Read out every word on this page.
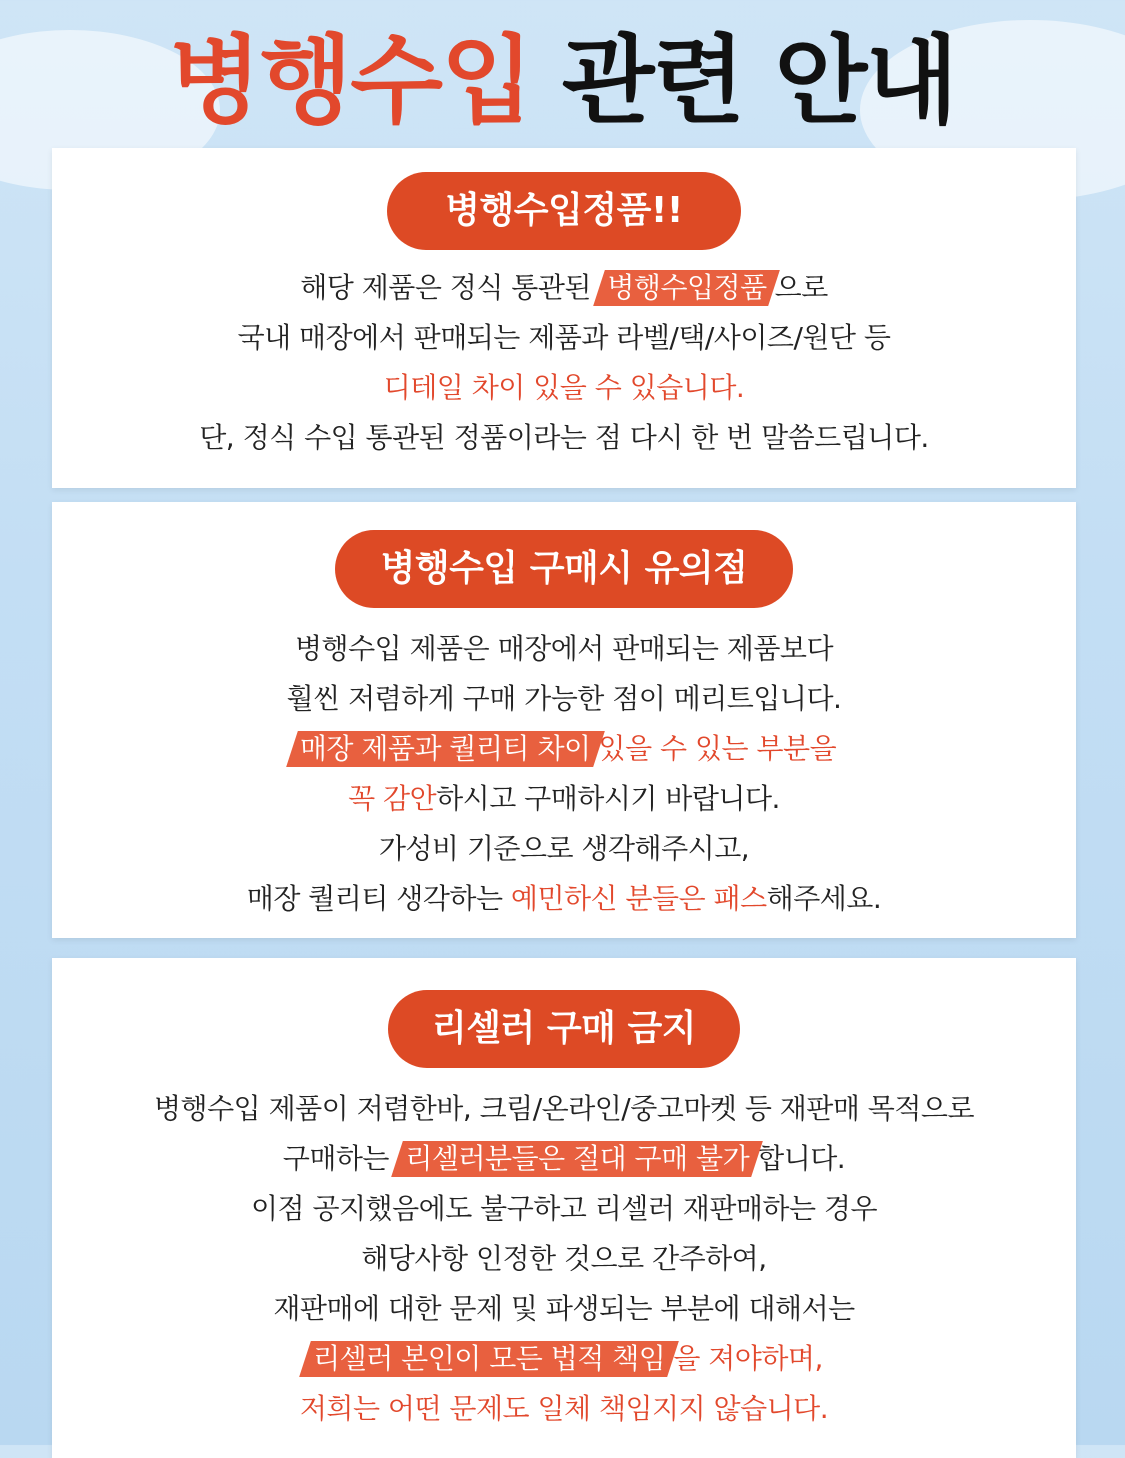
병행수입 관련 안내
병행수입정품!!
해당 제품은 정식 통관된 병행수입정품 으로
국내 매장에서 판매되는 제품과 라벨/택/사이즈/원단 등
디테일 차이 있을 수 있습니다.
단, 정식 수입 통관된 정품이라는 점 다시 한 번 말씀드립니다.
병행수입 구매시 유의점
병행수입 제품은 매장에서 판매되는 제품보다
훨씬 저렴하게 구매 가능한 점이 메리트입니다.
매장 제품과 퀄리티 차이 있을 수 있는 부분을
꼭 감안하시고 구매하시기 바랍니다.
가성비 기준으로 생각해주시고,
매장 퀄리티 생각하는 예민하신 분들은 패스해주세요.
리셀러 구매 금지
병행수입 제품이 저렴한바, 크림/온라인/중고마켓 등 재판매 목적으로
구매하는 리셀러분들은 절대 구매 불가 합니다.
이점 공지했음에도 불구하고 리셀러 재판매하는 경우
해당사항 인정한 것으로 간주하여,
재판매에 대한 문제 및 파생되는 부분에 대해서는
리셀러 본인이 모든 법적 책임 을 져야하며,
저희는 어떤 문제도 일체 책임지지 않습니다.
